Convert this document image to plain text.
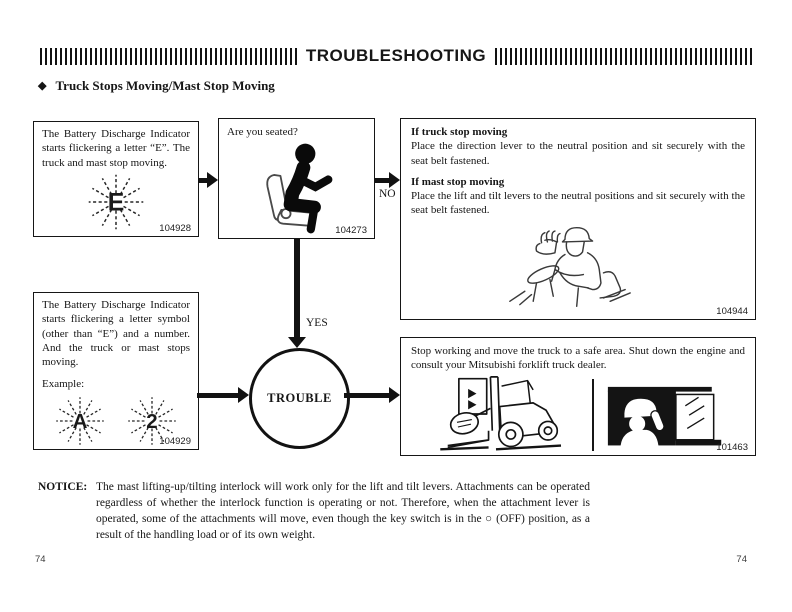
TROUBLESHOOTING
◆ Truck Stops Moving/Mast Stop Moving

The Battery Discharge Indicator starts flickering a letter “E”. The truck and mast stop moving.

E
104928

Are you seated?

104273

If truck stop moving

Place the direction lever to the neutral position and sit securely with the seat belt fastened.

If mast stop moving

Place the lift and tilt levers to the neutral positions and sit securely with the seat belt fastened.

104944

The Battery Discharge Indicator starts flickering a letter symbol (other than “E”) and a number. And the truck or mast stops moving.

Example:

A 2
104929
TROUBLE

Stop working and move the truck to a safe area. Shut down the engine and consult your Mitsubishi forklift truck dealer.

101463
NO
YES
NOTICE: The mast lifting-up/tilting interlock will work only for the lift and tilt levers. Attachments can be operated regardless of whether the interlock function is operating or not. Therefore, when the attachment lever is operated, some of the attachments will move, even though the key switch is in the ○ (OFF) position, as a result of the handling load or of its own weight.

74	74
